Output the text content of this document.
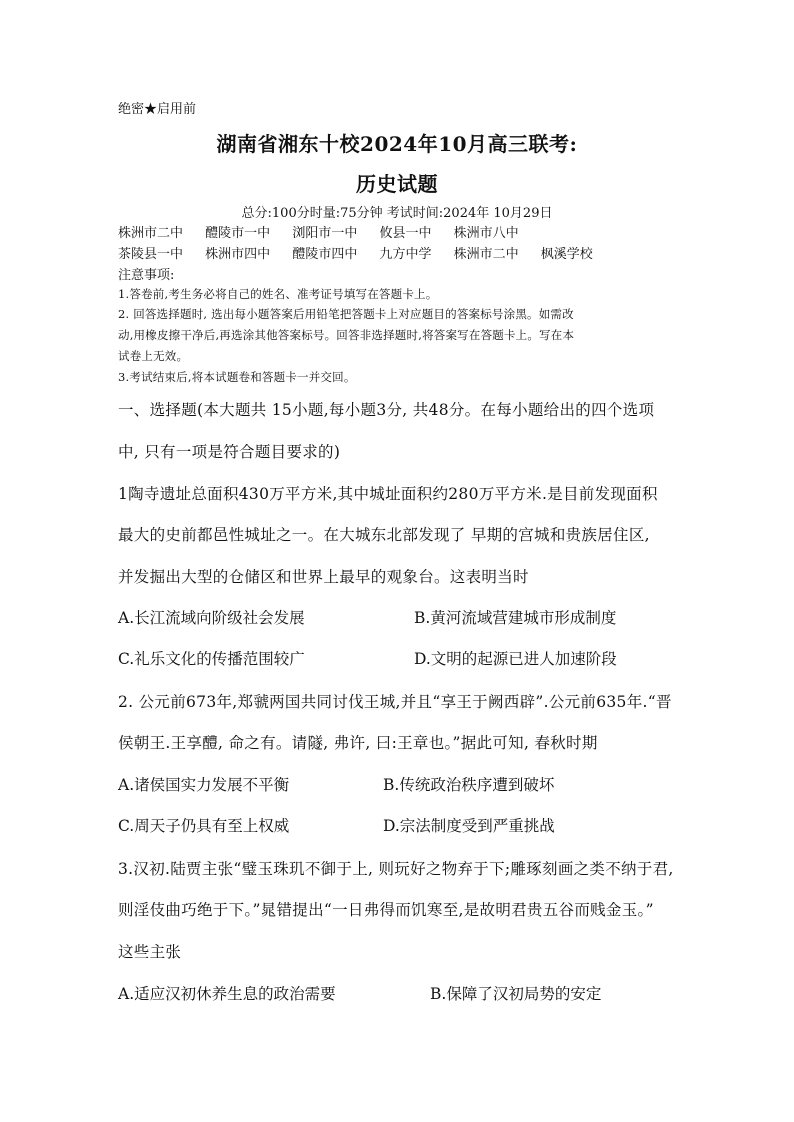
绝密★启用前
湖南省湘东十校2024年10月高三联考:
历史试题
总分:100分时量:75分钟 考试时间:2024年 10月29日
株洲市二中 醴陵市一中 浏阳市一中 攸县一中 株洲市八中
茶陵县一中 株洲市四中 醴陵市四中 九方中学 株洲市二中 枫溪学校
注意事项:
1.答卷前,考生务必将自己的姓名、准考证号填写在答题卡上。
2. 回答选择题时, 选出每小题答案后用铅笔把答题卡上对应题目的答案标号涂黑。如需改
动,用橡皮擦干净后,再选涂其他答案标号。回答非选择题时,将答案写在答题卡上。写在本
试卷上无效。
3.考试结束后,将本试题卷和答题卡一并交回。
一、选择题(本大题共 15小题,每小题3分, 共48分。在每小题给出的四个选项
中, 只有一项是符合题目要求的)
1陶寺遗址总面积430万平方米,其中城址面积约280万平方米.是目前发现面积
最大的史前都邑性城址之一。在大城东北部发现了 早期的宫城和贵族居住区,
并发掘出大型的仓储区和世界上最早的观象台。这表明当时
A.长江流域向阶级社会发展	B.黄河流域营建城市形成制度
C.礼乐文化的传播范围较广	D.文明的起源已进人加速阶段
2. 公元前673年,郑虢两国共同讨伐王城,并且“享王于阙西辟”.公元前635年.“晋
侯朝王.王享醴, 命之有。请隧, 弗许, 曰:王章也。”据此可知, 春秋时期
A.诸侯国实力发展不平衡	B.传统政治秩序遭到破坏
C.周天子仍具有至上权威	D.宗法制度受到严重挑战
3.汉初.陆贾主张“璧玉珠玑不御于上, 则玩好之物弃于下;雕琢刻画之类不纳于君,
则淫伎曲巧绝于下。”晁错提出“一日弗得而饥寒至,是故明君贵五谷而贱金玉。”
这些主张
A.适应汉初休养生息的政治需要	B.保障了汉初局势的安定
